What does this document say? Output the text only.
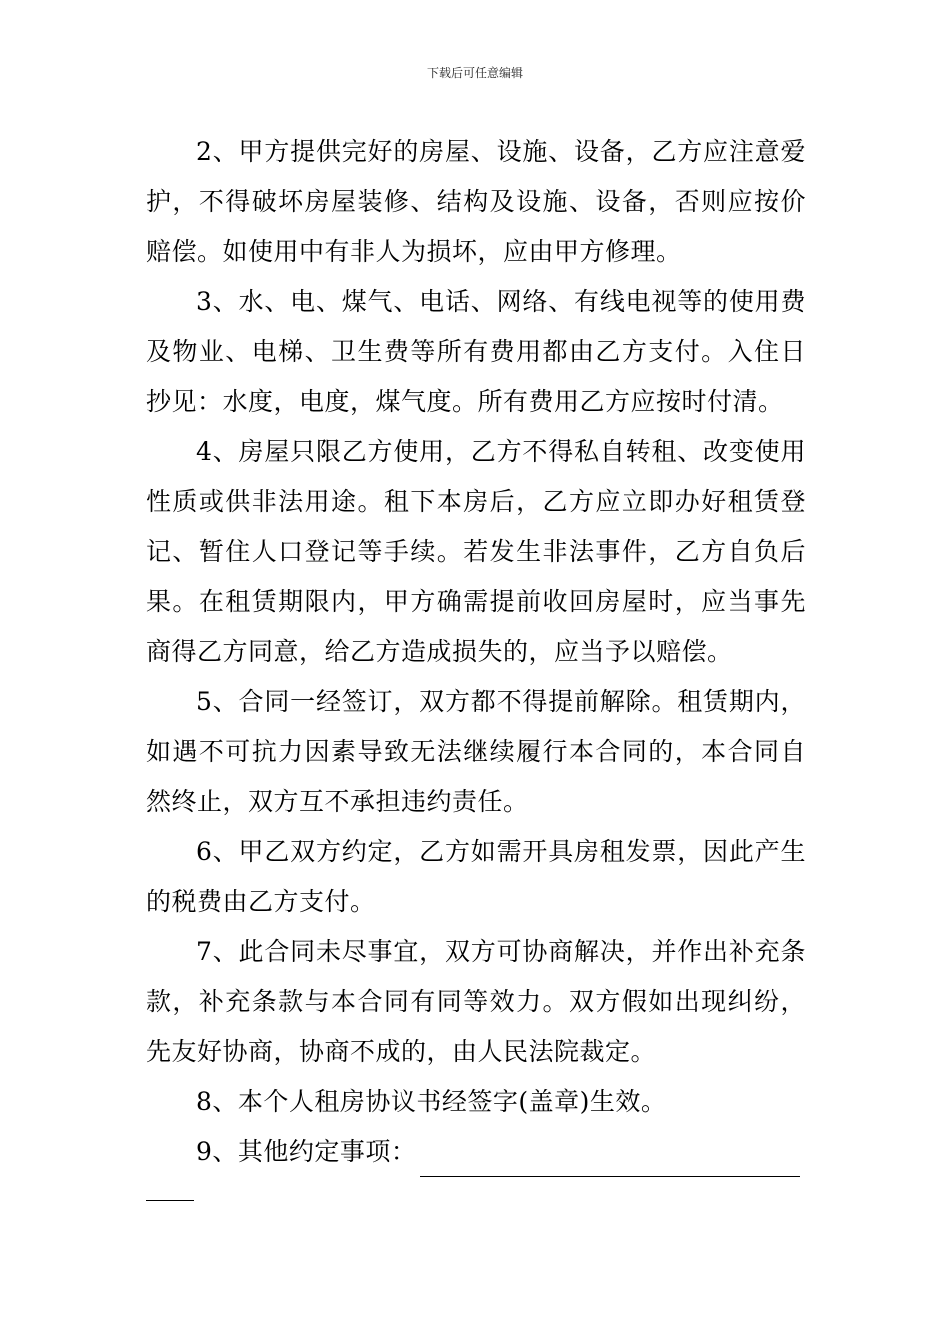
下载后可任意编辑

2、甲方提供完好的房屋、设施、设备，乙方应注意爱护，不得破坏房屋装修、结构及设施、设备，否则应按价赔偿。如使用中有非人为损坏，应由甲方修理。

3、水、电、煤气、电话、网络、有线电视等的使用费及物业、电梯、卫生费等所有费用都由乙方支付。入住日抄见：水度，电度，煤气度。所有费用乙方应按时付清。

4、房屋只限乙方使用，乙方不得私自转租、改变使用性质或供非法用途。租下本房后，乙方应立即办好租赁登记、暂住人口登记等手续。若发生非法事件，乙方自负后果。在租赁期限内，甲方确需提前收回房屋时，应当事先商得乙方同意，给乙方造成损失的，应当予以赔偿。

5、合同一经签订，双方都不得提前解除。租赁期内，如遇不可抗力因素导致无法继续履行本合同的，本合同自然终止，双方互不承担违约责任。

6、甲乙双方约定，乙方如需开具房租发票，因此产生的税费由乙方支付。

7、此合同未尽事宜，双方可协商解决，并作出补充条款，补充条款与本合同有同等效力。双方假如出现纠纷，先友好协商，协商不成的，由人民法院裁定。

8、本个人租房协议书经签字(盖章)生效。

9、其他约定事项：
